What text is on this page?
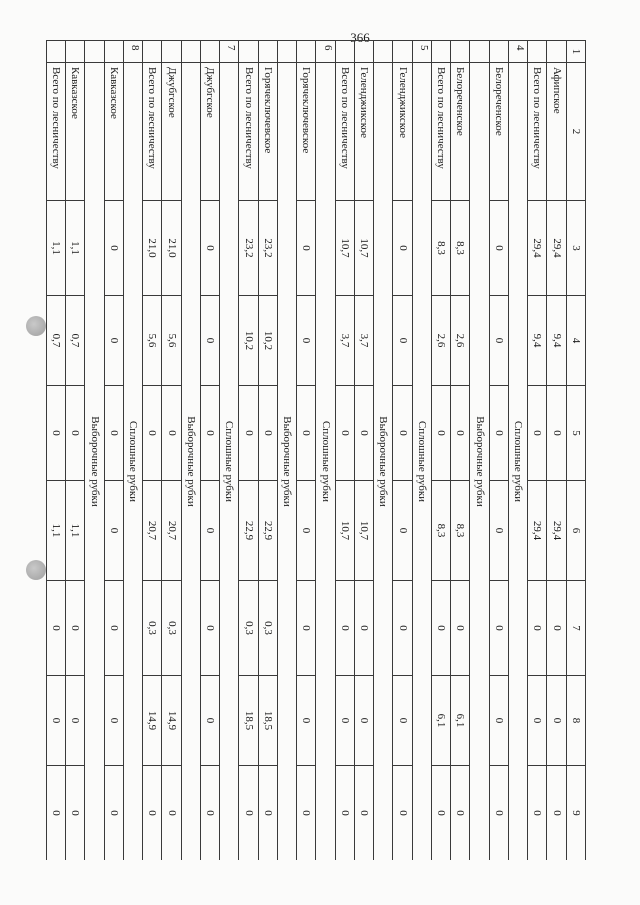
366
1	2	3	4	5	6	7	8	9
	Афипское	29,4	9,4	0	29,4	0	0	0
	Всего по лесничеству	29,4	9,4	0	29,4	0	0	0
4	Сплошные рубки							
	Белореченское	0	0	0	0	0	0	0
	Выборочные рубки							
	Белореченское	8,3	2,6	0	8,3	0	6,1	0
	Всего по лесничеству	8,3	2,6	0	8,3	0	6,1	0
5	Сплошные рубки							
	Геленджикское	0	0	0	0	0	0	0
	Выборочные рубки							
	Геленджикское	10,7	3,7	0	10,7	0	0	0
	Всего по лесничеству	10,7	3,7	0	10,7	0	0	0
6	Сплошные рубки							
	Горячеключевское	0	0	0	0	0	0	0
	Выборочные рубки							
	Горячеключевское	23,2	10,2	0	22,9	0,3	18,5	0
	Всего по лесничеству	23,2	10,2	0	22,9	0,3	18,5	0
7	Сплошные рубки							
	Джубгское	0	0	0	0	0	0	0
	Выборочные рубки							
	Джубгское	21,0	5,6	0	20,7	0,3	14,9	0
	Всего по лесничеству	21,0	5,6	0	20,7	0,3	14,9	0
8	Сплошные рубки							
	Кавказское	0	0	0	0	0	0	0
	Выборочные рубки							
	Кавказское	1,1	0,7	0	1,1	0	0	0
	Всего по лесничеству	1,1	0,7	0	1,1	0	0	0
